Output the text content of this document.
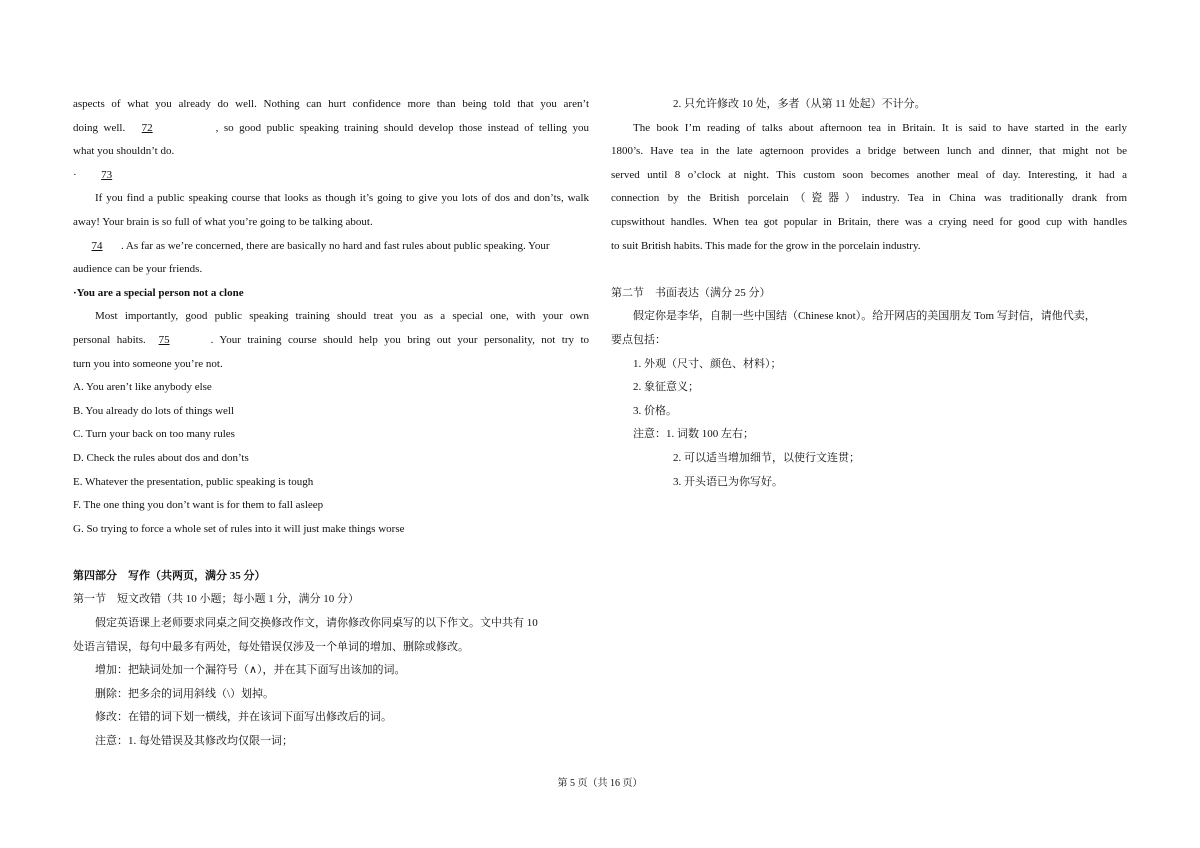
aspects of what you already do well. Nothing can hurt confidence more than being told that you aren’t

doing well. 72	, so good public speaking training should develop those instead of telling you

what you shouldn’t do.

· 73

If you find a public speaking course that looks as though it’s going to give you lots of dos and don’ts, walk

away! Your brain is so full of what you’re going to be talking about.

74 . As far as we’re concerned, there are basically no hard and fast rules about public speaking. Your

audience can be your friends.

·You are a special person not a clone

Most importantly, good public speaking training should treat you as a special one, with your own

personal habits. 75	. Your training course should help you bring out your personality, not try to

turn you into someone you’re not.

A. You aren’t like anybody else

B. You already do lots of things well

C. Turn your back on too many rules

D. Check the rules about dos and don’ts

E. Whatever the presentation, public speaking is tough

F. The one thing you don’t want is for them to fall asleep

G. So trying to force a whole set of rules into it will just make things worse

第四部分　写作（共两页，满分 35 分）

第一节　短文改错（共 10 小题；每小题 1 分，满分 10 分）

假定英语课上老师要求同桌之间交换修改作文，请你修改你同桌写的以下作文。文中共有 10

处语言错误，每句中最多有两处，每处错误仅涉及一个单词的增加、删除或修改。

增加：把缺词处加一个漏符号（∧），并在其下面写出该加的词。

删除：把多余的词用斜线（\）划掉。

修改：在错的词下划一横线，并在该词下面写出修改后的词。

注意：1. 每处错误及其修改均仅限一词；

2. 只允许修改 10 处，多者（从第 11 处起）不计分。

The book I’m reading of talks about afternoon tea in Britain. It is said to have started in the early

1800’s. Have tea in the late agternoon provides a bridge between lunch and dinner, that might not be

served until 8 o’clock at night. This custom soon becomes another meal of day. Interesting, it had a

connection by the British porcelain（瓷器）industry. Tea in China was traditionally drank from

cupswithout handles. When tea got popular in Britain, there was a crying need for good cup with handles

to suit British habits. This made for the grow in the porcelain industry.

第二节　书面表达（满分 25 分）

假定你是李华，自制一些中国结（Chinese knot）。给开网店的美国朋友 Tom 写封信，请他代卖，

要点包括：

1. 外观（尺寸、颜色、材料）；

2. 象征意义；

3. 价格。

注意：1. 词数 100 左右；

2. 可以适当增加细节，以使行文连贯；

3. 开头语已为你写好。

第 5 页（共 16 页）
